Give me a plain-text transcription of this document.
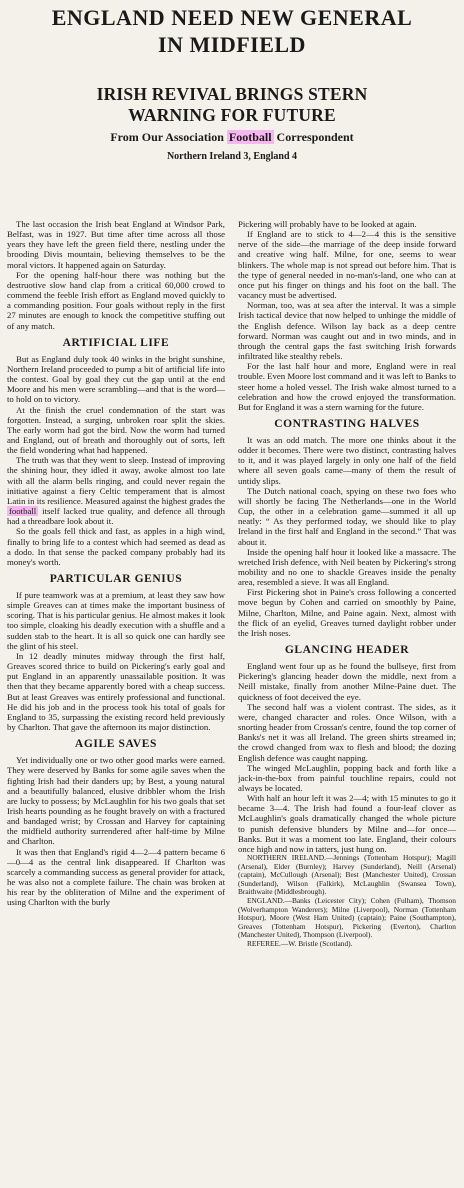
ENGLAND NEED NEW GENERAL
IN MIDFIELD
IRISH REVIVAL BRINGS STERN
WARNING FOR FUTURE
From Our Association Football Correspondent
Northern Ireland 3, England 4

The last occasion the Irish beat England at Windsor Park, Belfast, was in 1927. But time after time across all those years they have left the green field there, nestling under the brooding Divis mountain, believing themselves to be the moral victors. It happened again on Saturday.

For the opening half-hour there was nothing but the destruotive slow hand clap from a critical 60,000 crowd to commend the feeble Irish effort as England moved quickly to a commanding position. Four goals without reply in the first 27 minutes are enough to knock the competitive stuffing out of any match.

ARTIFICIAL LIFE

But as England duly took 40 winks in the bright sunshine, Northern Ireland proceeded to pump a bit of artificial life into the contest. Goal by goal they cut the gap until at the end Moore and his men were scrambling—and that is the word—to hold on to victory.

At the finish the cruel condemnation of the start was forgotten. Instead, a surging, unbroken roar split the skies. The early worm had got the bird. Now the worm had turned and England, out of breath and thoroughly out of sorts, left the field wondering what had happened.

The truth was that they went to sleep. Instead of improving the shining hour, they idled it away, awoke almost too late with all the alarm bells ringing, and could never regain the initiative against a fiery Celtic temperament that is almost Latin in its resilience. Measured against the highest grades the football itself lacked true quality, and defence all through had a threadbare look about it.

So the goals fell thick and fast, as apples in a high wind, finally to bring life to a contest which had seemed as dead as a dodo. In that sense the packed company probably had its money's worth.

PARTICULAR GENIUS

If pure teamwork was at a premium, at least they saw how simple Greaves can at times make the important business of scoring. That is his particular genius. He almost makes it look too simple, cloaking his deadly execution with a shuffle and a sudden stab to the heart. It is all so quick one can hardly see the glint of his steel.

In 12 deadly minutes midway through the first half, Greaves scored thrice to build on Pickering's early goal and put England in an apparently unassailable position. It was then that they became apparently bored with a cheap success. But at least Greaves was entirely professional and functional. He did his job and in the process took his total of goals for England to 35, surpassing the existing record held previously by Charlton. That gave the afternoon its major distinction.

AGILE SAVES

Yet individually one or two other good marks were earned. They were deserved by Banks for some agile saves when the fighting Irish had their danders up; by Best, a young natural and a beautifully balanced, elusive dribbler whom the Irish are lucky to possess; by McLaughlin for his two goals that set Irish hearts pounding as he fought bravely on with a fractured and bandaged wrist; by Crossan and Harvey for captaining the midfield authority surrendered after half-time by Milne and Charlton.

It was then that England's rigid 4—2—4 pattern became 6—0—4 as the central link disappeared. If Charlton was scarcely a commanding success as general provider for attack, he was also not a complete failure. The chain was broken at his rear by the obliteration of Milne and the experiment of using Charlton with the burly

Pickering will probably have to be looked at again.

If England are to stick to 4—2—4 this is the sensitive nerve of the side—the marriage of the deep inside forward and creative wing half. Milne, for one, seems to wear blinkers. The whole map is not spread out before him. That is the type of general needed in no-man's-land, one who can at once put his finger on things and his foot on the ball. The vacancy must be advertised.

Norman, too, was at sea after the interval. It was a simple Irish tactical device that now helped to unhinge the middle of the English defence. Wilson lay back as a deep centre forward. Norman was caught out and in two minds, and in through the central gaps the fast switching Irish forwards infiltrated like stealthy rebels.

For the last half hour and more, England were in real trouble. Even Moore lost command and it was left to Banks to steer home a holed vessel. The Irish wake almost turned to a celebration and how the crowd enjoyed the transformation. But for England it was a stern warning for the future.

CONTRASTING HALVES

It was an odd match. The more one thinks about it the odder it becomes. There were two distinct, contrasting halves to it, and it was played largely in only one half of the field where all seven goals came—many of them the result of untidy slips.

The Dutch national coach, spying on these two foes who will shortly be facing The Netherlands—one in the World Cup, the other in a celebration game—summed it all up neatly: “ As they performed today, we should like to play Ireland in the first half and England in the second.” That was about it.

Inside the opening half hour it looked like a massacre. The wretched Irish defence, with Neil beaten by Pickering's strong mobility and no one to shackle Greaves inside the penalty area, resembled a sieve. It was all England.

First Pickering shot in Paine's cross following a concerted move begun by Cohen and carried on smoothly by Paine, Milne, Charlton, Milne, and Paine again. Next, almost with the flick of an eyelid, Greaves turned daylight robber under the Irish noses.

GLANCING HEADER

England went four up as he found the bullseye, first from Pickering's glancing header down the middle, next from a Neill mistake, finally from another Milne-Paine duet. The quickness of foot deceived the eye.

The second half was a violent contrast. The sides, as it were, changed character and roles. Once Wilson, with a snorting header from Crossan's centre, found the top corner of Banks's net it was all Ireland. The green shirts streamed in; the crowd changed from wax to flesh and blood; the dozing English defence was caught napping.

The winged McLaughlin, popping back and forth like a jack-in-the-box from painful touchline repairs, could not always be located.

With half an hour left it was 2—4; with 15 minutes to go it became 3—4. The Irish had found a four-leaf clover as McLaughlin's goals dramatically changed the whole picture to punish defensive blunders by Milne and—for once—Banks. But it was a moment too late. England, their colours once high and now in tatters, just hung on.

NORTHERN IRELAND.—Jennings (Tottenham Hotspur); Magill (Arsenal), Elder (Burnley); Harvey (Sunderland), Neill (Arsenal) (captain), McCullough (Arsenal); Best (Manchester United), Crossan (Sunderland), Wilson (Falkirk), McLaughlin (Swansea Town), Braithwaite (Middlesbrough).

ENGLAND.—Banks (Leicester City); Cohen (Fulham), Thomson (Wolverhampton Wanderers); Milne (Liverpool), Norman (Tottenham Hotspur), Moore (West Ham United) (captain); Paine (Southampton), Greaves (Tottenham Hotspur), Pickering (Everton), Charlton (Manchester United), Thompson (Liverpool).

REFEREE.—W. Bristle (Scotland).
